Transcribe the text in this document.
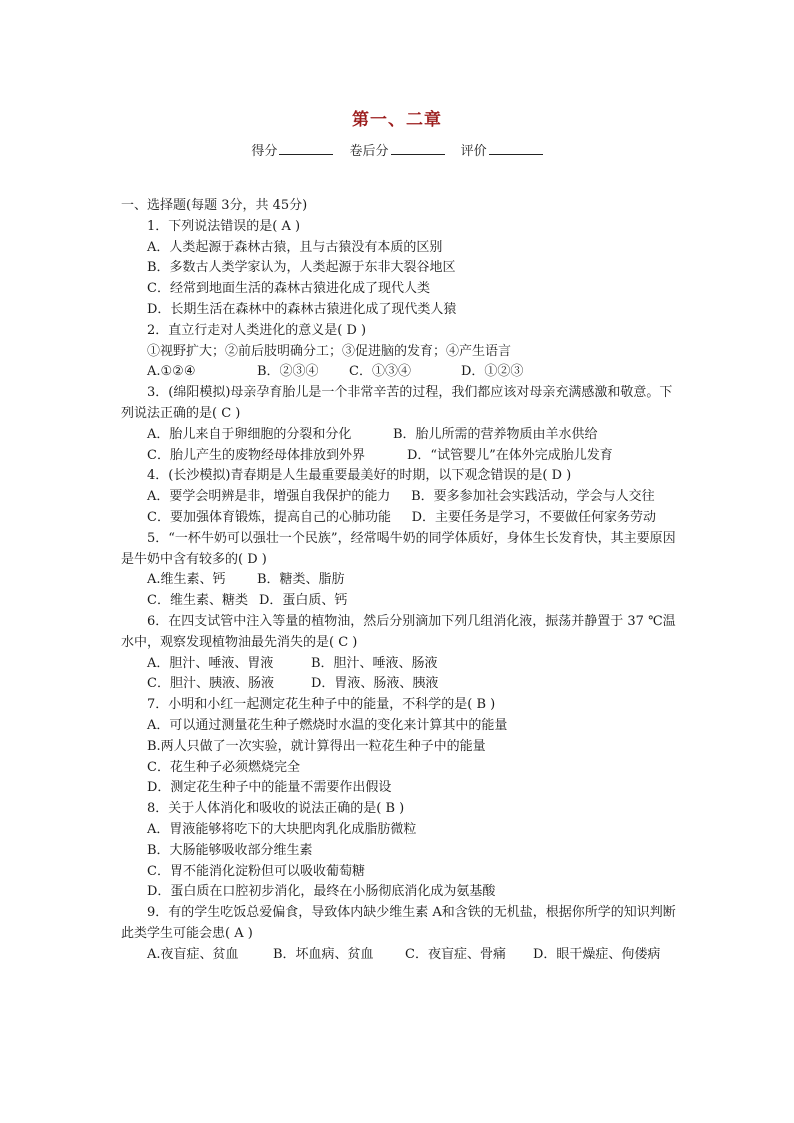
第一、二章
得分	卷后分	评价
一、选择题(每题 3分，共 45分)
1．下列说法错误的是( A )
A．人类起源于森林古猿，且与古猿没有本质的区别
B．多数古人类学家认为，人类起源于东非大裂谷地区
C．经常到地面生活的森林古猿进化成了现代人类
D．长期生活在森林中的森林古猿进化成了现代类人猿
2．直立行走对人类进化的意义是( D )
①视野扩大；②前后肢明确分工；③促进脑的发育；④产生语言
A.①②④	B．②③④ C．①③④	D．①②③
3．(绵阳模拟)母亲孕育胎儿是一个非常辛苦的过程，我们都应该对母亲充满感激和敬意。下列说法正确的是( C )
A．胎儿来自于卵细胞的分裂和分化	B．胎儿所需的营养物质由羊水供给
C．胎儿产生的废物经母体排放到外界	D．“试管婴儿”在体外完成胎儿发育
4．(长沙模拟)青春期是人生最重要最美好的时期，以下观念错误的是( D )
A．要学会明辨是非，增强自我保护的能力 B．要多参加社会实践活动，学会与人交往
C．要加强体育锻炼，提高自己的心肺功能 D．主要任务是学习，不要做任何家务劳动
5．“一杯牛奶可以强壮一个民族”，经常喝牛奶的同学体质好，身体生长发育快，其主要原因是牛奶中含有较多的( D )
A.维生素、钙 B．糖类、脂肪
C．维生素、糖类 D．蛋白质、钙
6．在四支试管中注入等量的植物油，然后分别滴加下列几组消化液，振荡并静置于 37 ℃温水中，观察发现植物油最先消失的是( C )
A．胆汁、唾液、胃液	B．胆汁、唾液、肠液
C．胆汁、胰液、肠液	D．胃液、肠液、胰液
7．小明和小红一起测定花生种子中的能量，不科学的是( B )
A．可以通过测量花生种子燃烧时水温的变化来计算其中的能量
B.两人只做了一次实验，就计算得出一粒花生种子中的能量
C．花生种子必须燃烧完全
D．测定花生种子中的能量不需要作出假设
8．关于人体消化和吸收的说法正确的是( B )
A．胃液能够将吃下的大块肥肉乳化成脂肪微粒
B．大肠能够吸收部分维生素
C．胃不能消化淀粉但可以吸收葡萄糖
D．蛋白质在口腔初步消化，最终在小肠彻底消化成为氨基酸
9．有的学生吃饭总爱偏食，导致体内缺少维生素 A和含铁的无机盐，根据你所学的知识判断此类学生可能会患( A )
A.夜盲症、贫血	B．坏血病、贫血 C．夜盲症、骨痛 D．眼干燥症、佝偻病
